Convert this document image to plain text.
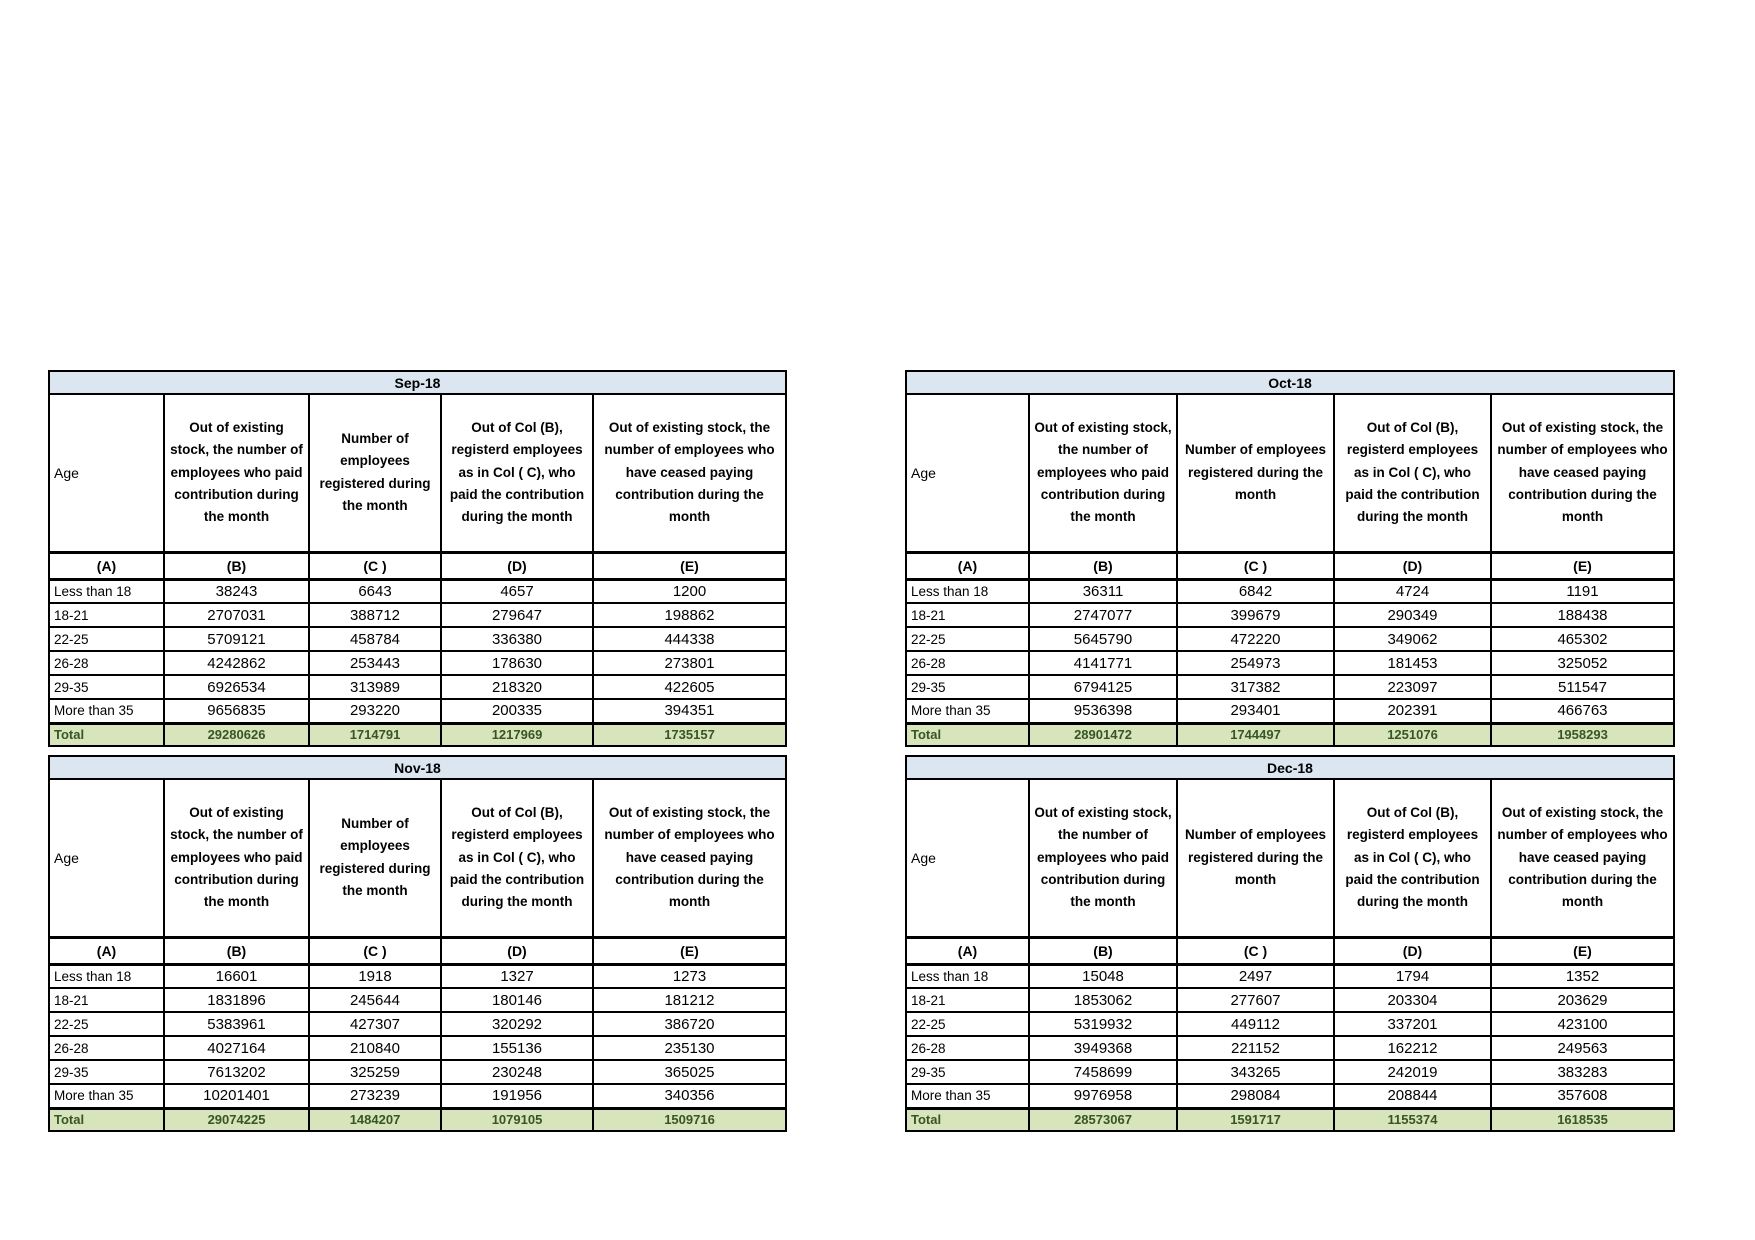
Sep-18				
Age	Out of existing stock, the number of employees who paid contribution during the month	Number of employees registered during the month	Out of Col (B), registerd employees as in Col ( C), who paid the contribution during the month	Out of existing stock, the number of employees who have ceased paying contribution during the month
(A)	(B)	(C )	(D)	(E)
Less than 18	38243	6643	4657	1200
18-21	2707031	388712	279647	198862
22-25	5709121	458784	336380	444338
26-28	4242862	253443	178630	273801
29-35	6926534	313989	218320	422605
More than 35	9656835	293220	200335	394351
Total	29280626	1714791	1217969	1735157
Oct-18				
Age	Out of existing stock, the number of employees who paid contribution during the month	Number of employees registered during the month	Out of Col (B), registerd employees as in Col ( C), who paid the contribution during the month	Out of existing stock, the number of employees who have ceased paying contribution during the month
(A)	(B)	(C )	(D)	(E)
Less than 18	36311	6842	4724	1191
18-21	2747077	399679	290349	188438
22-25	5645790	472220	349062	465302
26-28	4141771	254973	181453	325052
29-35	6794125	317382	223097	511547
More than 35	9536398	293401	202391	466763
Total	28901472	1744497	1251076	1958293
Nov-18				
Age	Out of existing stock, the number of employees who paid contribution during the month	Number of employees registered during the month	Out of Col (B), registerd employees as in Col ( C), who paid the contribution during the month	Out of existing stock, the number of employees who have ceased paying contribution during the month
(A)	(B)	(C )	(D)	(E)
Less than 18	16601	1918	1327	1273
18-21	1831896	245644	180146	181212
22-25	5383961	427307	320292	386720
26-28	4027164	210840	155136	235130
29-35	7613202	325259	230248	365025
More than 35	10201401	273239	191956	340356
Total	29074225	1484207	1079105	1509716
Dec-18				
Age	Out of existing stock, the number of employees who paid contribution during the month	Number of employees registered during the month	Out of Col (B), registerd employees as in Col ( C), who paid the contribution during the month	Out of existing stock, the number of employees who have ceased paying contribution during the month
(A)	(B)	(C )	(D)	(E)
Less than 18	15048	2497	1794	1352
18-21	1853062	277607	203304	203629
22-25	5319932	449112	337201	423100
26-28	3949368	221152	162212	249563
29-35	7458699	343265	242019	383283
More than 35	9976958	298084	208844	357608
Total	28573067	1591717	1155374	1618535
